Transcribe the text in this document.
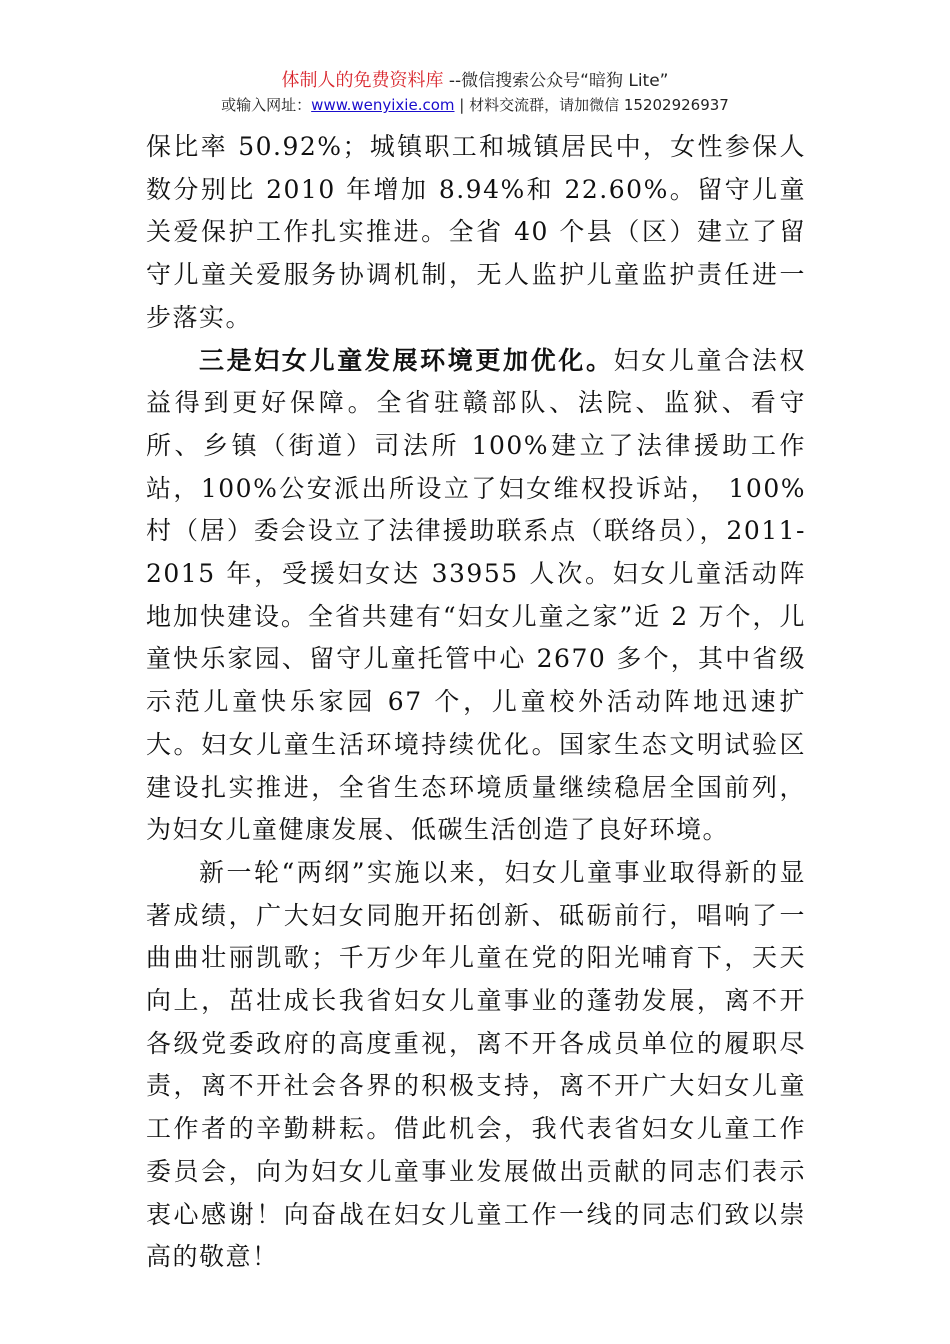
体制人的免费资料库 --微信搜索公众号“暗狗 Lite”
或输入网址：www.wenyixie.com | 材料交流群，请加微信 15202926937

保比率 50.92%；城镇职工和城镇居民中，女性参保人数分别比 2010 年增加 8.94%和 22.60%。留守儿童关爱保护工作扎实推进。全省 40 个县（区）建立了留守儿童关爱服务协调机制，无人监护儿童监护责任进一步落实。

三是妇女儿童发展环境更加优化。妇女儿童合法权益得到更好保障。全省驻赣部队、法院、监狱、看守所、乡镇（街道）司法所 100%建立了法律援助工作站，100%公安派出所设立了妇女维权投诉站， 100%村（居）委会设立了法律援助联系点（联络员），2011-2015 年，受援妇女达 33955 人次。妇女儿童活动阵地加快建设。全省共建有“妇女儿童之家”近 2 万个，儿童快乐家园、留守儿童托管中心 2670 多个，其中省级示范儿童快乐家园 67 个，儿童校外活动阵地迅速扩大。妇女儿童生活环境持续优化。国家生态文明试验区建设扎实推进，全省生态环境质量继续稳居全国前列，为妇女儿童健康发展、低碳生活创造了良好环境。

新一轮“两纲”实施以来，妇女儿童事业取得新的显著成绩，广大妇女同胞开拓创新、砥砺前行，唱响了一曲曲壮丽凯歌；千万少年儿童在党的阳光哺育下，天天向上，茁壮成长我省妇女儿童事业的蓬勃发展，离不开各级党委政府的高度重视，离不开各成员单位的履职尽责，离不开社会各界的积极支持，离不开广大妇女儿童工作者的辛勤耕耘。借此机会，我代表省妇女儿童工作委员会，向为妇女儿童事业发展做出贡献的同志们表示衷心感谢！向奋战在妇女儿童工作一线的同志们致以崇高的敬意！
